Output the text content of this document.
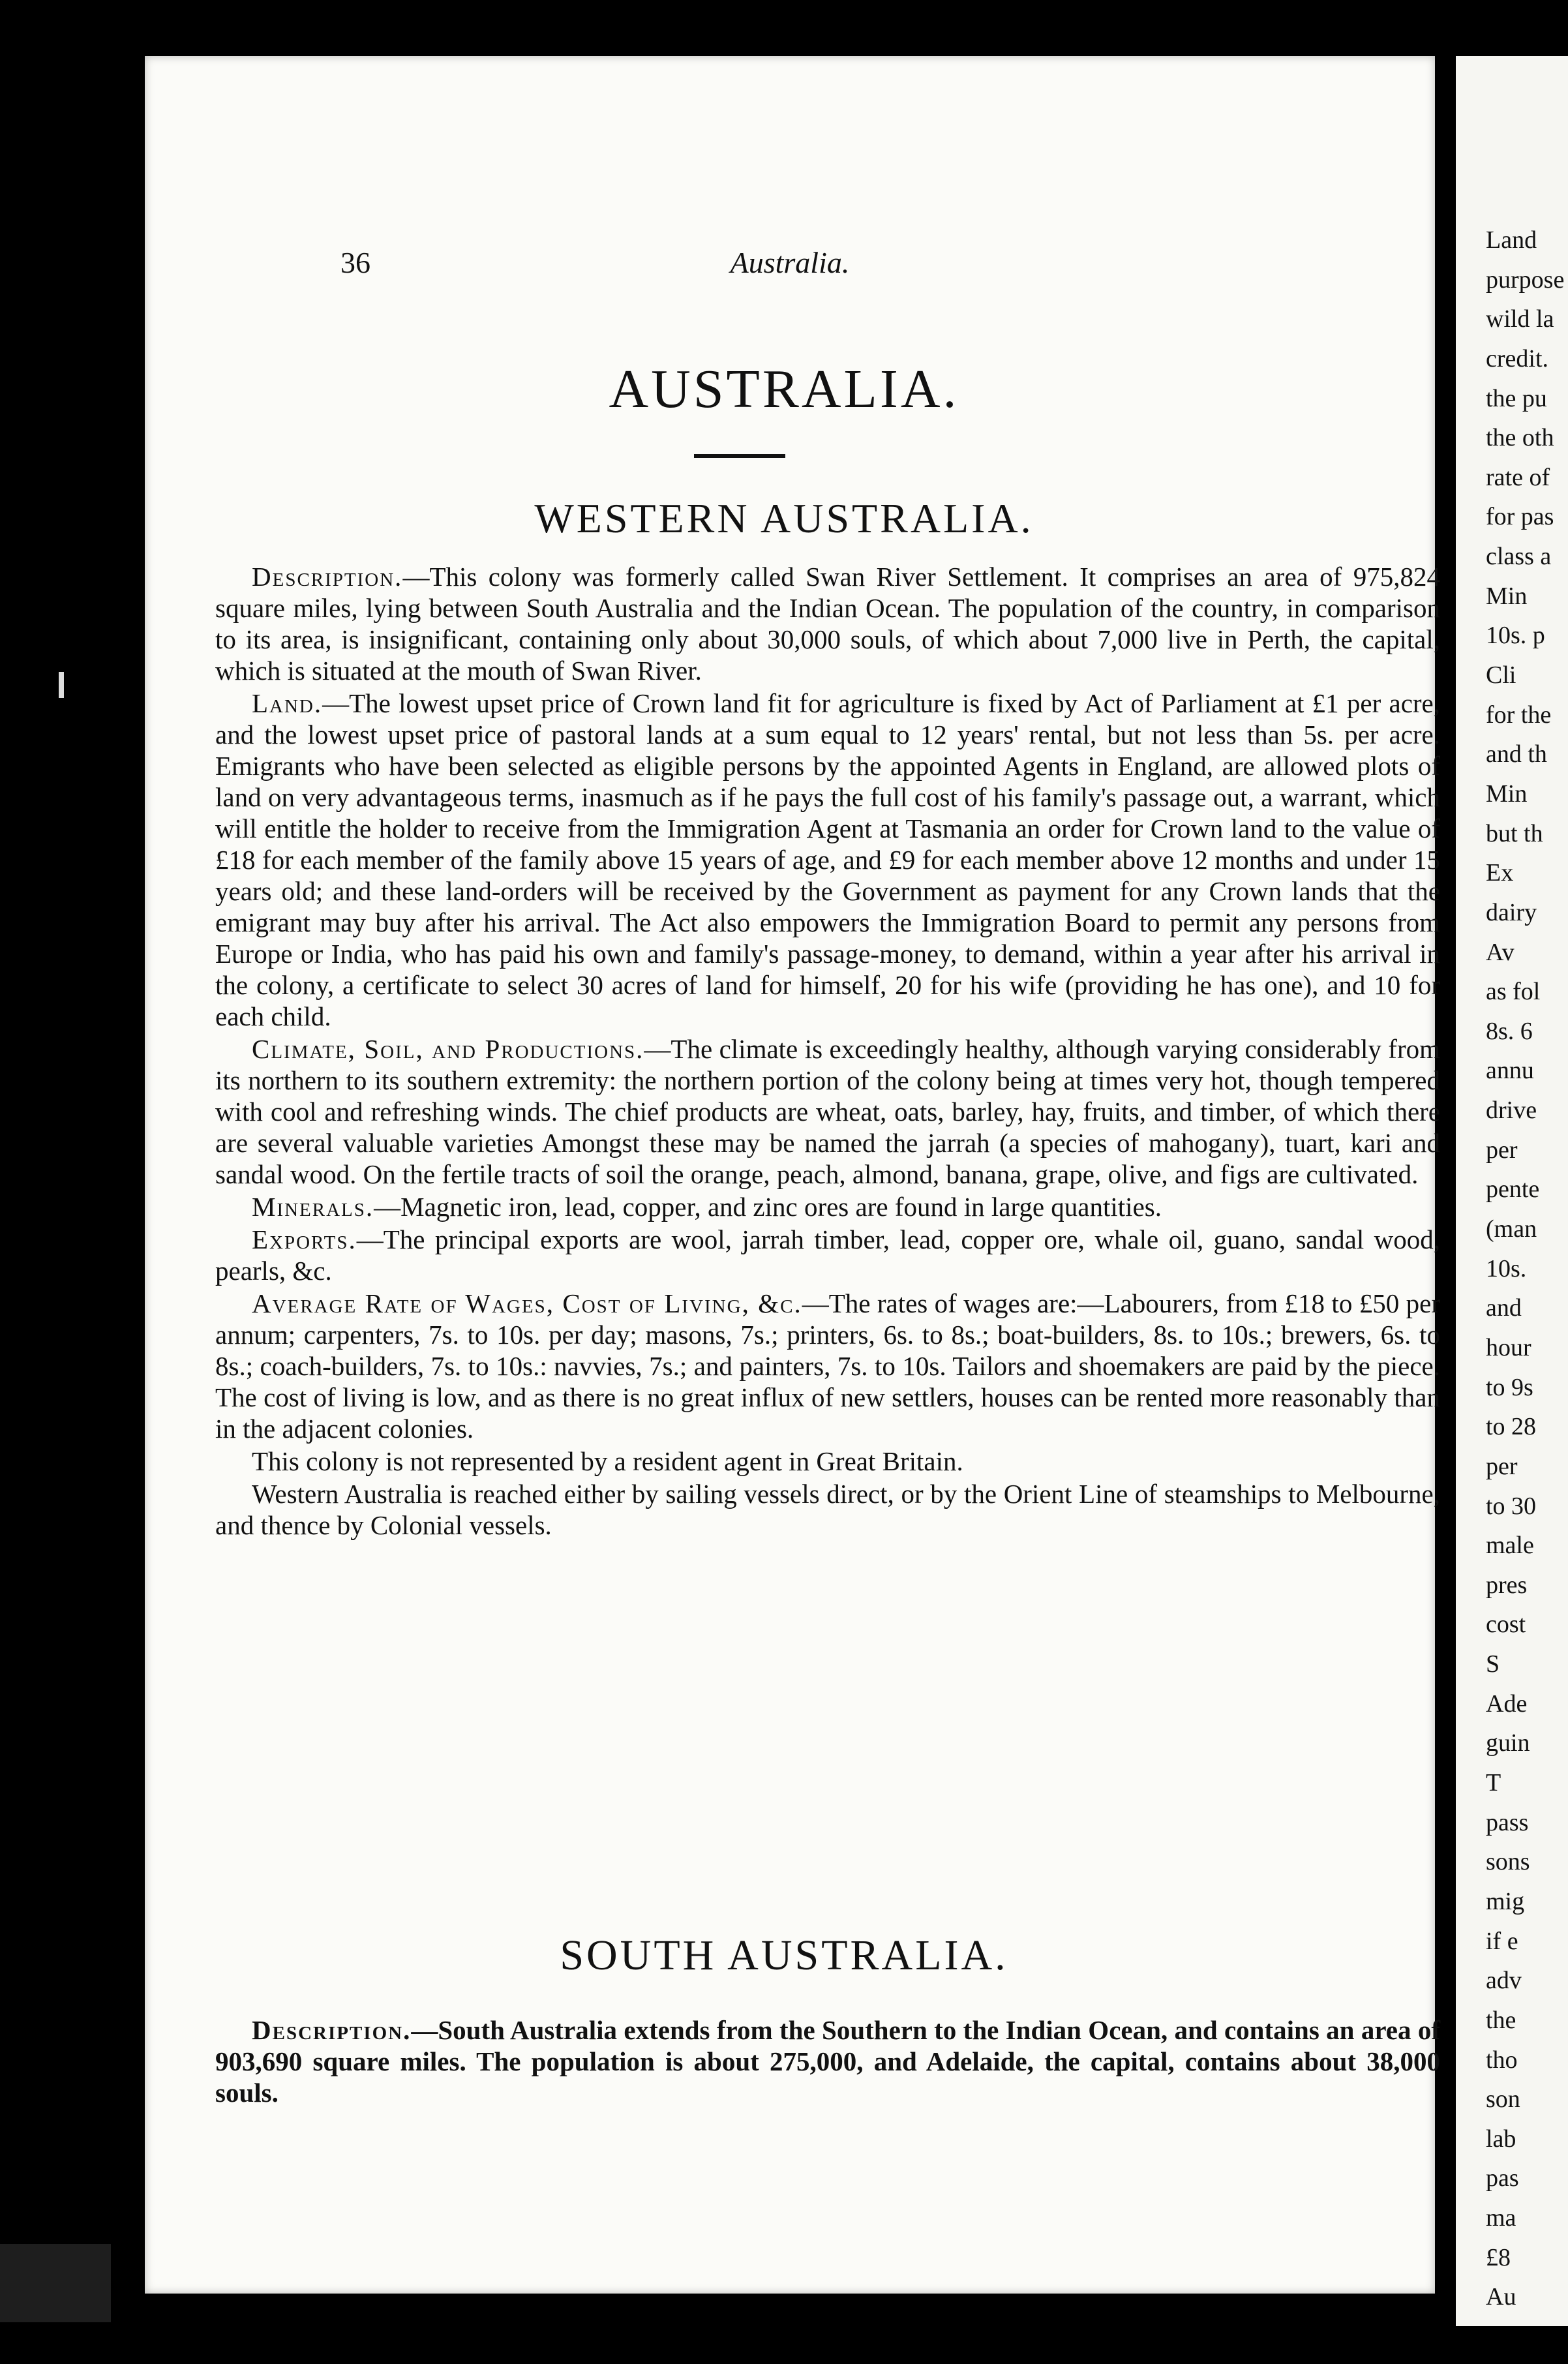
36	Australia.
AUSTRALIA.
WESTERN AUSTRALIA.

Description.—This colony was formerly called Swan River Settlement. It comprises an area of 975,824 square miles, lying between South Australia and the Indian Ocean. The population of the country, in comparison to its area, is insignificant, containing only about 30,000 souls, of which about 7,000 live in Perth, the capital, which is situated at the mouth of Swan River.

Land.—The lowest upset price of Crown land fit for agriculture is fixed by Act of Parliament at £1 per acre, and the lowest upset price of pastoral lands at a sum equal to 12 years' rental, but not less than 5s. per acre. Emigrants who have been selected as eligible persons by the appointed Agents in England, are allowed plots of land on very advantageous terms, inasmuch as if he pays the full cost of his family's passage out, a warrant, which will entitle the holder to receive from the Immigration Agent at Tasmania an order for Crown land to the value of £18 for each member of the family above 15 years of age, and £9 for each member above 12 months and under 15 years old; and these land-orders will be received by the Government as payment for any Crown lands that the emigrant may buy after his arrival. The Act also empowers the Immigration Board to permit any persons from Europe or India, who has paid his own and family's passage-money, to demand, within a year after his arrival in the colony, a certificate to select 30 acres of land for himself, 20 for his wife (providing he has one), and 10 for each child.

Climate, Soil, and Productions.—The climate is exceedingly healthy, although varying considerably from its northern to its southern extremity: the northern portion of the colony being at times very hot, though tempered with cool and refreshing winds. The chief products are wheat, oats, barley, hay, fruits, and timber, of which there are several valuable varieties Amongst these may be named the jarrah (a species of mahogany), tuart, kari and sandal wood. On the fertile tracts of soil the orange, peach, almond, banana, grape, olive, and figs are cultivated.

Minerals.—Magnetic iron, lead, copper, and zinc ores are found in large quantities.

Exports.—The principal exports are wool, jarrah timber, lead, copper ore, whale oil, guano, sandal wood, pearls, &c.

Average Rate of Wages, Cost of Living, &c.—The rates of wages are:—Labourers, from £18 to £50 per annum; carpenters, 7s. to 10s. per day; masons, 7s.; printers, 6s. to 8s.; boat-builders, 8s. to 10s.; brewers, 6s. to 8s.; coach-builders, 7s. to 10s.: navvies, 7s.; and painters, 7s. to 10s. Tailors and shoemakers are paid by the piece. The cost of living is low, and as there is no great influx of new settlers, houses can be rented more reasonably than in the adjacent colonies.

This colony is not represented by a resident agent in Great Britain.

Western Australia is reached either by sailing vessels direct, or by the Orient Line of steamships to Melbourne, and thence by Colonial vessels.

SOUTH AUSTRALIA.

Description.—South Australia extends from the Southern to the Indian Ocean, and contains an area of 903,690 square miles. The population is about 275,000, and Adelaide, the capital, contains about 38,000 souls.

Land
purpose
wild la
credit.
the pu
the oth
rate of
for pas
class a
Min
10s. p
Cli
for the
and th
Min
but th
Ex
dairy
Av
as fol
8s. 6
annu
drive
per
pente
(man
10s.
and
hour
to 9s
to 28
per
to 30
male
pres
cost
S
Ade
guin
T
pass
sons
mig
if e
adv
the
tho
son
lab
pas
ma
£8
Au
